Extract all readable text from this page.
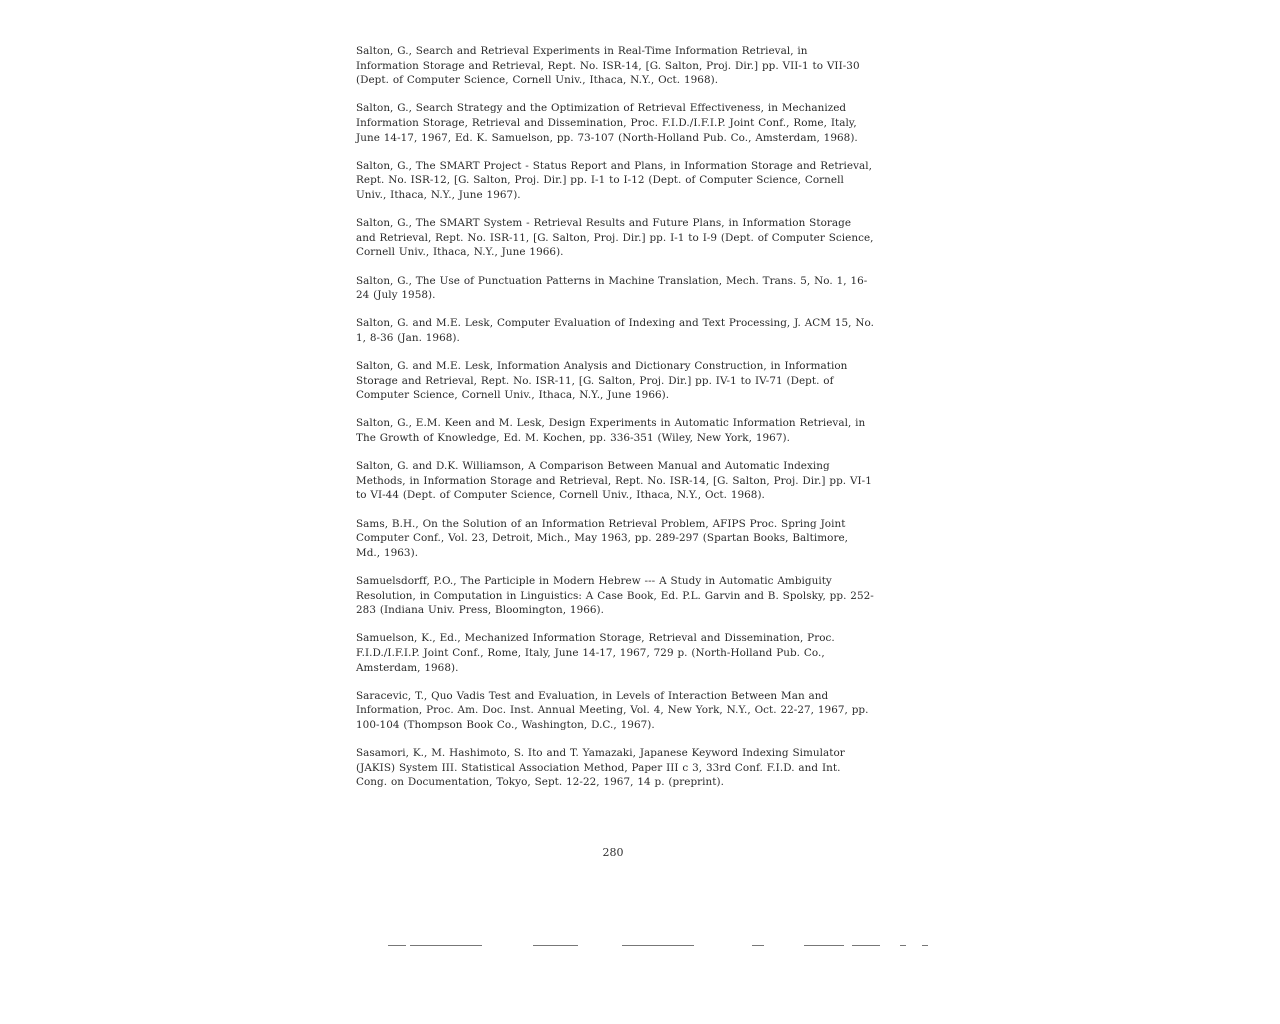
Salton, G., Search and Retrieval Experiments in Real-Time Information Retrieval, in Information Storage and Retrieval, Rept. No. ISR-14, [G. Salton, Proj. Dir.] pp. VII-1 to VII-30 (Dept. of Computer Science, Cornell Univ., Ithaca, N.Y., Oct. 1968).
Salton, G., Search Strategy and the Optimization of Retrieval Effectiveness, in Mechanized Information Storage, Retrieval and Dissemination, Proc. F.I.D./I.F.I.P. Joint Conf., Rome, Italy, June 14-17, 1967, Ed. K. Samuelson, pp. 73-107 (North-Holland Pub. Co., Amsterdam, 1968).
Salton, G., The SMART Project - Status Report and Plans, in Information Storage and Retrieval, Rept. No. ISR-12, [G. Salton, Proj. Dir.] pp. I-1 to I-12 (Dept. of Computer Science, Cornell Univ., Ithaca, N.Y., June 1967).
Salton, G., The SMART System - Retrieval Results and Future Plans, in Information Storage and Retrieval, Rept. No. ISR-11, [G. Salton, Proj. Dir.] pp. I-1 to I-9 (Dept. of Computer Science, Cornell Univ., Ithaca, N.Y., June 1966).
Salton, G., The Use of Punctuation Patterns in Machine Translation, Mech. Trans. 5, No. 1, 16-24 (July 1958).
Salton, G. and M.E. Lesk, Computer Evaluation of Indexing and Text Processing, J. ACM 15, No. 1, 8-36 (Jan. 1968).
Salton, G. and M.E. Lesk, Information Analysis and Dictionary Construction, in Information Storage and Retrieval, Rept. No. ISR-11, [G. Salton, Proj. Dir.] pp. IV-1 to IV-71 (Dept. of Computer Science, Cornell Univ., Ithaca, N.Y., June 1966).
Salton, G., E.M. Keen and M. Lesk, Design Experiments in Automatic Information Retrieval, in The Growth of Knowledge, Ed. M. Kochen, pp. 336-351 (Wiley, New York, 1967).
Salton, G. and D.K. Williamson, A Comparison Between Manual and Automatic Indexing Methods, in Information Storage and Retrieval, Rept. No. ISR-14, [G. Salton, Proj. Dir.] pp. VI-1 to VI-44 (Dept. of Computer Science, Cornell Univ., Ithaca, N.Y., Oct. 1968).
Sams, B.H., On the Solution of an Information Retrieval Problem, AFIPS Proc. Spring Joint Computer Conf., Vol. 23, Detroit, Mich., May 1963, pp. 289-297 (Spartan Books, Baltimore, Md., 1963).
Samuelsdorff, P.O., The Participle in Modern Hebrew --- A Study in Automatic Ambiguity Resolution, in Computation in Linguistics: A Case Book, Ed. P.L. Garvin and B. Spolsky, pp. 252-283 (Indiana Univ. Press, Bloomington, 1966).
Samuelson, K., Ed., Mechanized Information Storage, Retrieval and Dissemination, Proc. F.I.D./I.F.I.P. Joint Conf., Rome, Italy, June 14-17, 1967, 729 p. (North-Holland Pub. Co., Amsterdam, 1968).
Saracevic, T., Quo Vadis Test and Evaluation, in Levels of Interaction Between Man and Information, Proc. Am. Doc. Inst. Annual Meeting, Vol. 4, New York, N.Y., Oct. 22-27, 1967, pp. 100-104 (Thompson Book Co., Washington, D.C., 1967).
Sasamori, K., M. Hashimoto, S. Ito and T. Yamazaki, Japanese Keyword Indexing Simulator (JAKIS) System III. Statistical Association Method, Paper III c 3, 33rd Conf. F.I.D. and Int. Cong. on Documentation, Tokyo, Sept. 12-22, 1967, 14 p. (preprint).
280
